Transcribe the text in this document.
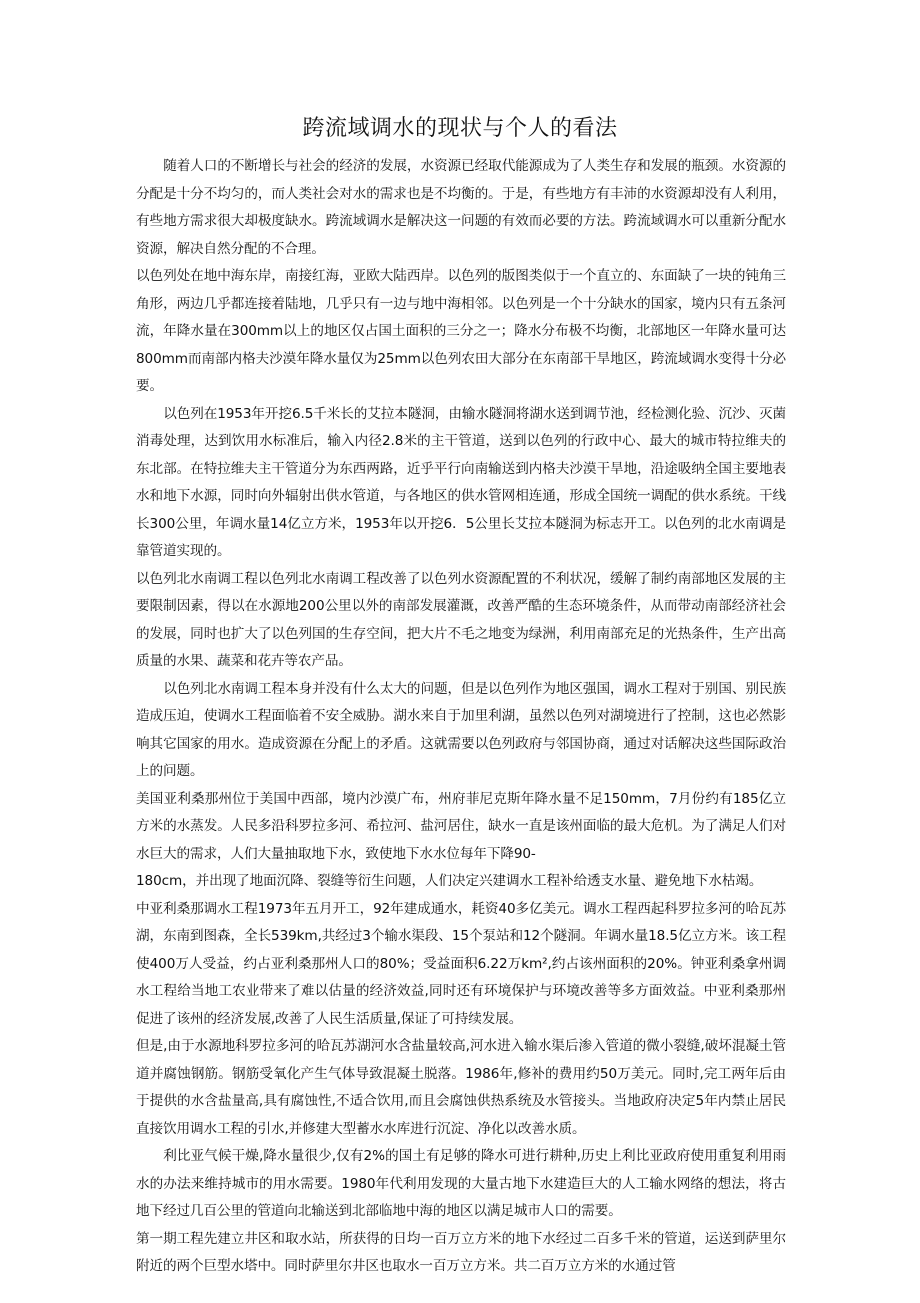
跨流域调水的现状与个人的看法

随着人口的不断增长与社会的经济的发展，水资源已经取代能源成为了人类生存和发展的瓶颈。水资源的分配是十分不均匀的，而人类社会对水的需求也是不均衡的。于是，有些地方有丰沛的水资源却没有人利用，有些地方需求很大却极度缺水。跨流域调水是解决这一问题的有效而必要的方法。跨流域调水可以重新分配水资源，解决自然分配的不合理。

以色列处在地中海东岸，南接红海，亚欧大陆西岸。以色列的版图类似于一个直立的、东面缺了一块的钝角三角形，两边几乎都连接着陆地，几乎只有一边与地中海相邻。以色列是一个十分缺水的国家，境内只有五条河流，年降水量在300mm以上的地区仅占国土面积的三分之一；降水分布极不均衡，北部地区一年降水量可达800mm而南部内格夫沙漠年降水量仅为25mm以色列农田大部分在东南部干旱地区，跨流域调水变得十分必要。

以色列在1953年开挖6.5千米长的艾拉本隧洞，由输水隧洞将湖水送到调节池，经检测化验、沉沙、灭菌消毒处理，达到饮用水标准后，输入内径2.8米的主干管道，送到以色列的行政中心、最大的城市特拉维夫的东北部。在特拉维夫主干管道分为东西两路，近乎平行向南输送到内格夫沙漠干旱地，沿途吸纳全国主要地表水和地下水源，同时向外辐射出供水管道，与各地区的供水管网相连通，形成全国统一调配的供水系统。干线长300公里，年调水量14亿立方米，1953年以开挖6．5公里长艾拉本隧洞为标志开工。以色列的北水南调是靠管道实现的。

以色列北水南调工程以色列北水南调工程改善了以色列水资源配置的不利状况，缓解了制约南部地区发展的主要限制因素，得以在水源地200公里以外的南部发展灌溉，改善严酷的生态环境条件，从而带动南部经济社会的发展，同时也扩大了以色列国的生存空间，把大片不毛之地变为绿洲，利用南部充足的光热条件，生产出高质量的水果、蔬菜和花卉等农产品。

以色列北水南调工程本身并没有什么太大的问题，但是以色列作为地区强国，调水工程对于别国、别民族造成压迫，使调水工程面临着不安全威胁。湖水来自于加里利湖，虽然以色列对湖境进行了控制，这也必然影响其它国家的用水。造成资源在分配上的矛盾。这就需要以色列政府与邻国协商，通过对话解决这些国际政治上的问题。

美国亚利桑那州位于美国中西部，境内沙漠广布，州府菲尼克斯年降水量不足150mm，7月份约有185亿立方米的水蒸发。人民多沿科罗拉多河、希拉河、盐河居住，缺水一直是该州面临的最大危机。为了满足人们对水巨大的需求，人们大量抽取地下水，致使地下水水位每年下降90-
180cm，并出现了地面沉降、裂缝等衍生问题，人们决定兴建调水工程补给透支水量、避免地下水枯竭。

中亚利桑那调水工程1973年五月开工，92年建成通水，耗资40多亿美元。调水工程西起科罗拉多河的哈瓦苏湖，东南到图森，全长539km,共经过3个输水渠段、15个泵站和12个隧洞。年调水量18.5亿立方米。该工程使400万人受益，约占亚利桑那州人口的80%；受益面积6.22万km²,约占该州面积的20%。钟亚利桑拿州调水工程给当地工农业带来了难以估量的经济效益,同时还有环境保护与环境改善等多方面效益。中亚利桑那州促进了该州的经济发展,改善了人民生活质量,保证了可持续发展。

但是,由于水源地科罗拉多河的哈瓦苏湖河水含盐量较高,河水进入输水渠后渗入管道的微小裂缝,破坏混凝土管道并腐蚀钢筋。钢筋受氧化产生气体导致混凝土脱落。1986年,修补的费用约50万美元。同时,完工两年后由于提供的水含盐量高,具有腐蚀性,不适合饮用,而且会腐蚀供热系统及水管接头。当地政府决定5年内禁止居民直接饮用调水工程的引水,并修建大型蓄水水库进行沉淀、净化以改善水质。

利比亚气候干燥,降水量很少,仅有2%的国土有足够的降水可进行耕种,历史上利比亚政府使用重复利用雨水的办法来维持城市的用水需要。1980年代利用发现的大量古地下水建造巨大的人工输水网络的想法，将古地下经过几百公里的管道向北输送到北部临地中海的地区以满足城市人口的需要。

第一期工程先建立井区和取水站，所获得的日均一百万立方米的地下水经过二百多千米的管道，运送到萨里尔附近的两个巨型水塔中。同时萨里尔井区也取水一百万立方米。共二百万立方米的水通过管
